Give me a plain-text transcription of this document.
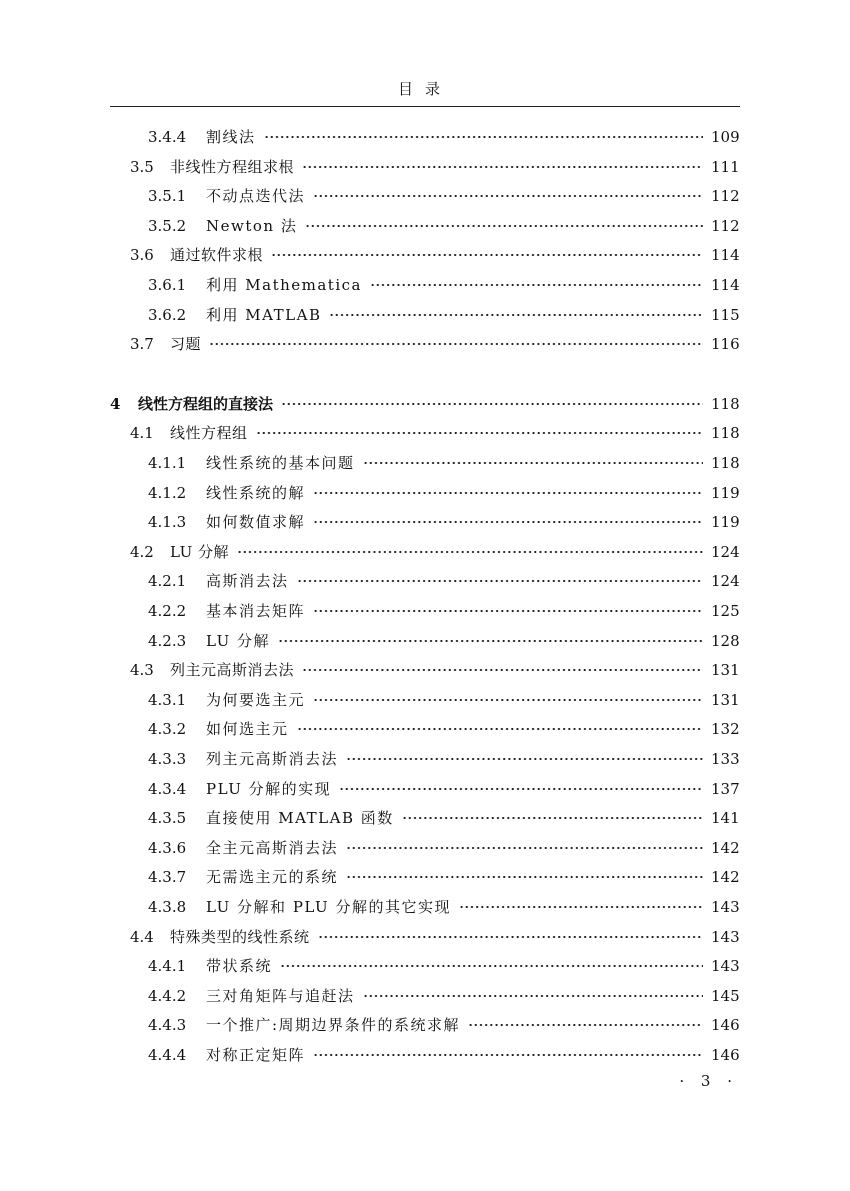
目录
3.4.4	割线法	109
3.5	非线性方程组求根	111
3.5.1	不动点迭代法	112
3.5.2	Newton 法	112
3.6	通过软件求根	114
3.6.1	利用 Mathematica	114
3.6.2	利用 MATLAB	115
3.7	习题	116
4	线性方程组的直接法	118
4.1	线性方程组	118
4.1.1	线性系统的基本问题	118
4.1.2	线性系统的解	119
4.1.3	如何数值求解	119
4.2	LU 分解	124
4.2.1	高斯消去法	124
4.2.2	基本消去矩阵	125
4.2.3	LU 分解	128
4.3	列主元高斯消去法	131
4.3.1	为何要选主元	131
4.3.2	如何选主元	132
4.3.3	列主元高斯消去法	133
4.3.4	PLU 分解的实现	137
4.3.5	直接使用 MATLAB 函数	141
4.3.6	全主元高斯消去法	142
4.3.7	无需选主元的系统	142
4.3.8	LU 分解和 PLU 分解的其它实现	143
4.4	特殊类型的线性系统	143
4.4.1	带状系统	143
4.4.2	三对角矩阵与追赶法	145
4.4.3	一个推广:周期边界条件的系统求解	146
4.4.4	对称正定矩阵	146
· 3 ·
